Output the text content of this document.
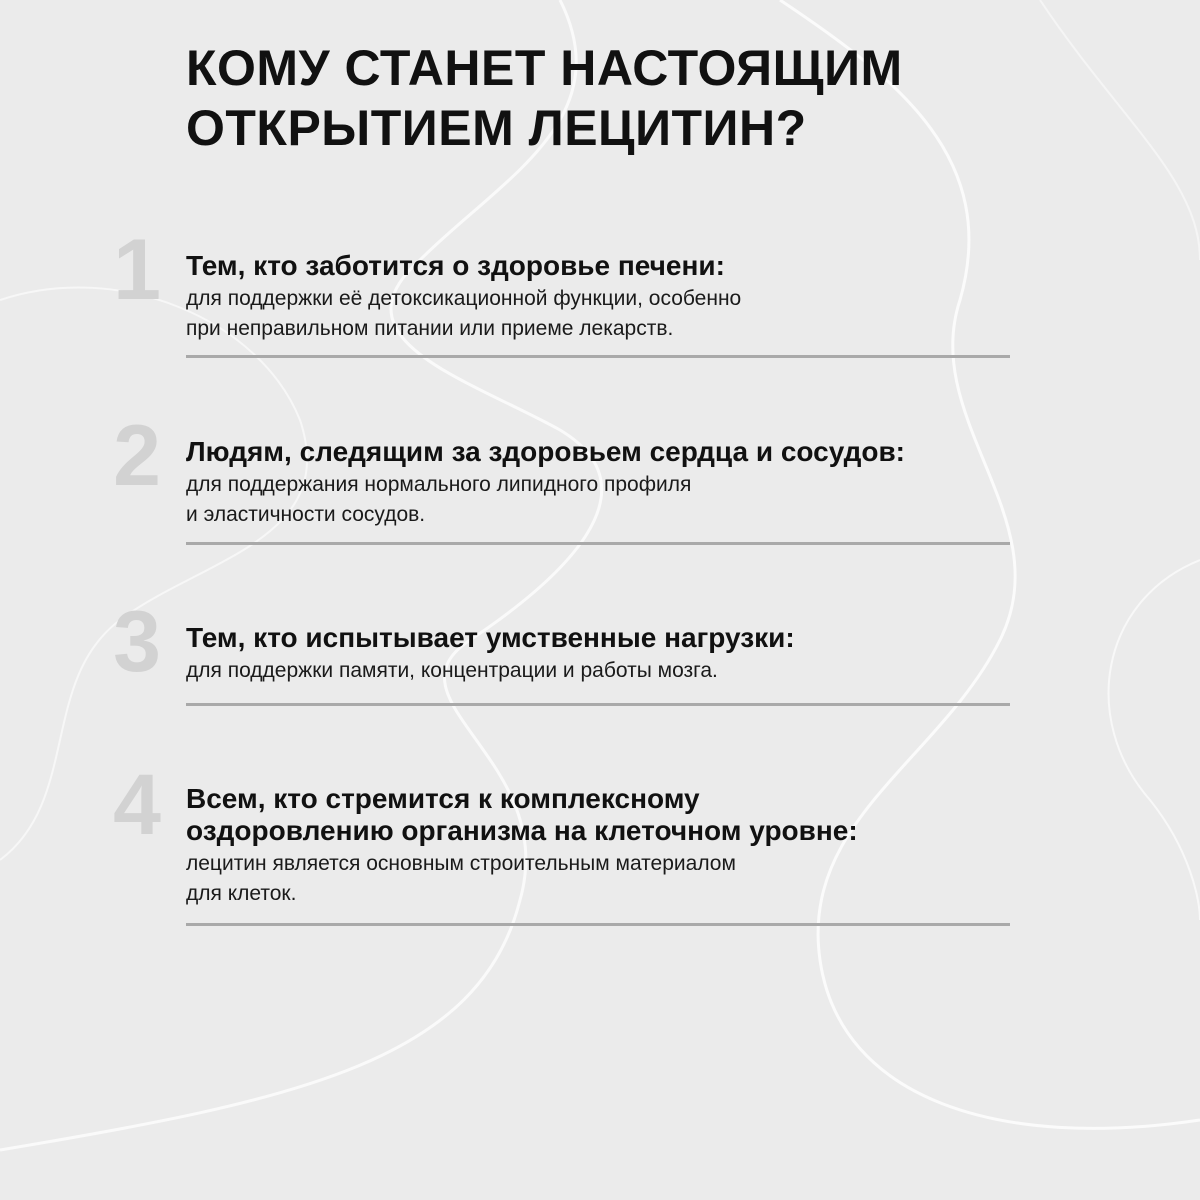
КОМУ СТАНЕТ НАСТОЯЩИМ
ОТКРЫТИЕМ ЛЕЦИТИН?
1 Тем, кто заботится о здоровье печени:
для поддержки её детоксикационной функции, особенно
при неправильном питании или приеме лекарств.
2 Людям, следящим за здоровьем сердца и сосудов:
для поддержания нормального липидного профиля
и эластичности сосудов.
3 Тем, кто испытывает умственные нагрузки:
для поддержки памяти, концентрации и работы мозга.
4 Всем, кто стремится к комплексному
оздоровлению организма на клеточном уровне:
лецитин является основным строительным материалом
для клеток.
